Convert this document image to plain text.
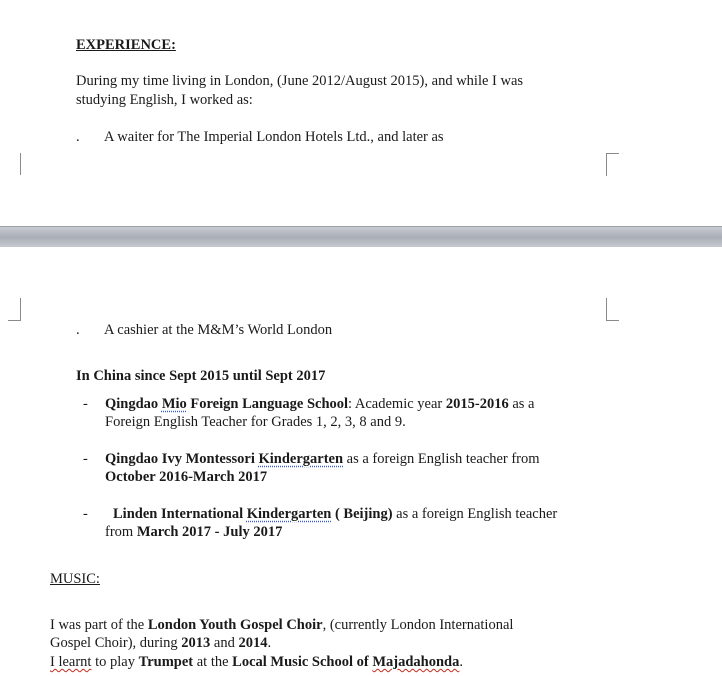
EXPERIENCE:
During my time living in London, (June 2012/August 2015), and while I was
studying English, I worked as:
. A waiter for The Imperial London Hotels Ltd., and later as
. A cashier at the M&M’s World London
In China since Sept 2015 until Sept 2017
- Qingdao Mio Foreign Language School: Academic year 2015-2016 as a
Foreign English Teacher for Grades 1, 2, 3, 8 and 9.
- Qingdao Ivy Montessori Kindergarten as a foreign English teacher from
October 2016-March 2017
- Linden International Kindergarten ( Beijing) as a foreign English teacher
from March 2017 - July 2017
MUSIC:
I was part of the London Youth Gospel Choir, (currently London International
Gospel Choir), during 2013 and 2014.
I learnt to play Trumpet at the Local Music School of Majadahonda.
